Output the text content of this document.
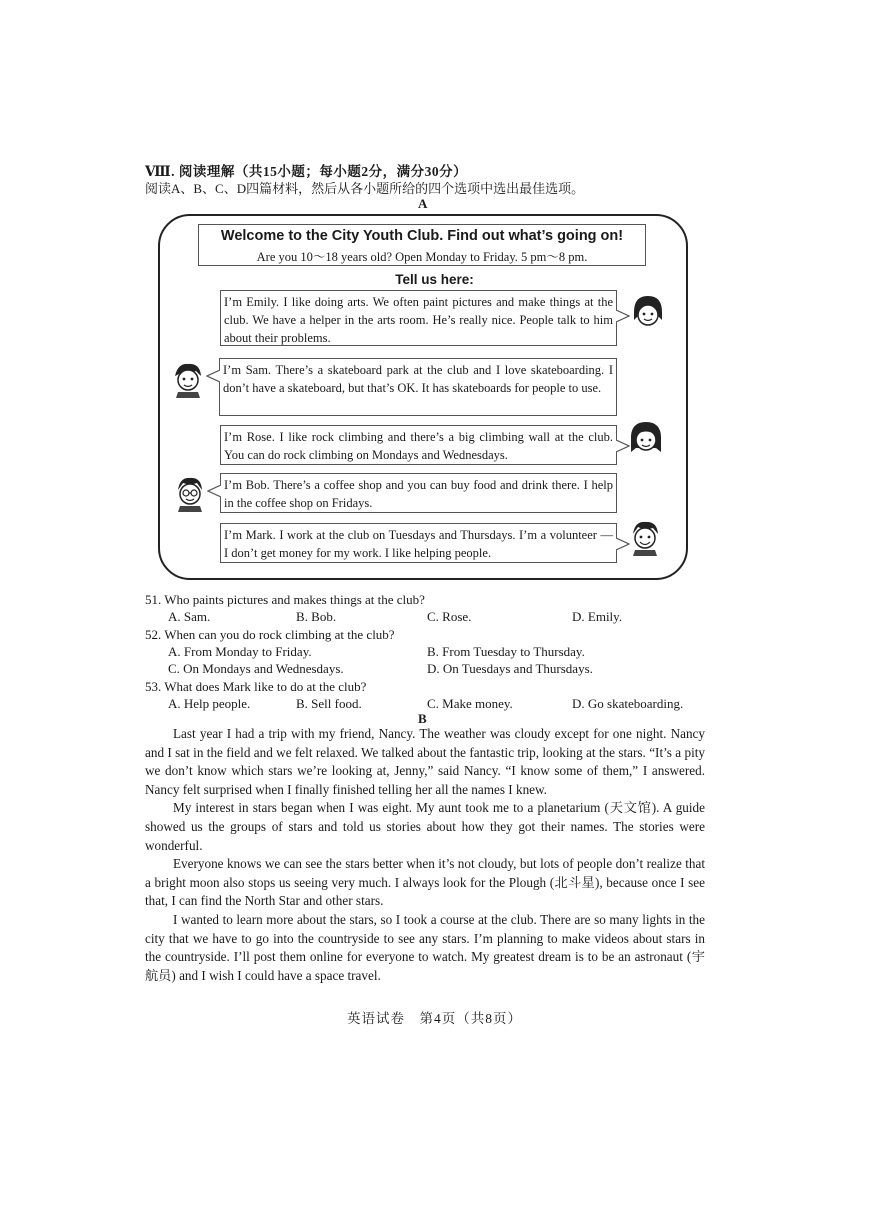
Ⅷ. 阅读理解（共15小题；每小题2分，满分30分）
阅读A、B、C、D四篇材料，然后从各小题所给的四个选项中选出最佳选项。
A
Welcome to the City Youth Club. Find out what’s going on!
Are you 10～18 years old? Open Monday to Friday. 5 pm～8 pm.
Tell us here:
I’m Emily. I like doing arts. We often paint pictures and make things at the club. We have a helper in the arts room. He’s really nice. People talk to him about their problems.
I’m Sam. There’s a skateboard park at the club and I love skateboarding. I don’t have a skateboard, but that’s OK. It has skateboards for people to use.
I’m Rose. I like rock climbing and there’s a big climbing wall at the club. You can do rock climbing on Mondays and Wednesdays.
I’m Bob. There’s a coffee shop and you can buy food and drink there. I help in the coffee shop on Fridays.
I’m Mark. I work at the club on Tuesdays and Thursdays. I’m a volunteer — I don’t get money for my work. I like helping people.
51. Who paints pictures and makes things at the club?
A. Sam.	B. Bob.	C. Rose.	D. Emily.
52. When can you do rock climbing at the club?
A. From Monday to Friday.	B. From Tuesday to Thursday.
C. On Mondays and Wednesdays.	D. On Tuesdays and Thursdays.
53. What does Mark like to do at the club?
A. Help people.	B. Sell food.	C. Make money.	D. Go skateboarding.
B

Last year I had a trip with my friend, Nancy. The weather was cloudy except for one night. Nancy and I sat in the field and we felt relaxed. We talked about the fantastic trip, looking at the stars. “It’s a pity we don’t know which stars we’re looking at, Jenny,” said Nancy. “I know some of them,” I answered. Nancy felt surprised when I finally finished telling her all the names I knew.

My interest in stars began when I was eight. My aunt took me to a planetarium (天文馆). A guide showed us the groups of stars and told us stories about how they got their names. The stories were wonderful.

Everyone knows we can see the stars better when it’s not cloudy, but lots of people don’t realize that a bright moon also stops us seeing very much. I always look for the Plough (北斗星), because once I see that, I can find the North Star and other stars.

I wanted to learn more about the stars, so I took a course at the club. There are so many lights in the city that we have to go into the countryside to see any stars. I’m planning to make videos about stars in the countryside. I’ll post them online for everyone to watch. My greatest dream is to be an astronaut (宇航员) and I wish I could have a space travel.

英语试卷　第4页（共8页）
